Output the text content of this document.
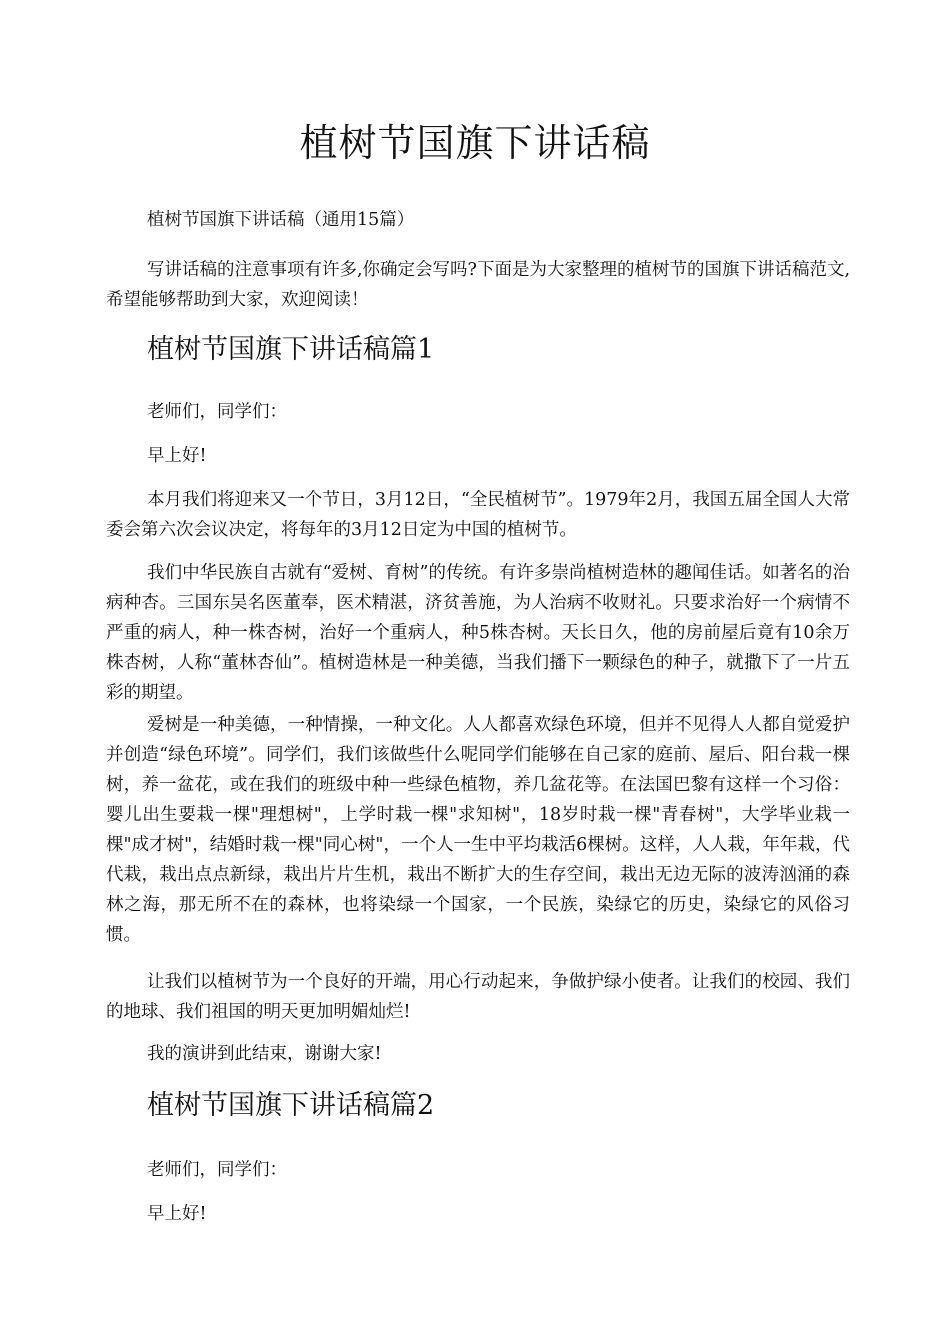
植树节国旗下讲话稿

植树节国旗下讲话稿（通用15篇）

写讲话稿的注意事项有许多,你确定会写吗?下面是为大家整理的植树节的国旗下讲话稿范文,希望能够帮助到大家，欢迎阅读！

植树节国旗下讲话稿篇1

老师们，同学们：

早上好!

本月我们将迎来又一个节日，3月12日，“全民植树节”。1979年2月，我国五届全国人大常委会第六次会议决定，将每年的3月12日定为中国的植树节。

我们中华民族自古就有“爱树、育树”的传统。有许多崇尚植树造林的趣闻佳话。如著名的治病种杏。三国东吴名医董奉，医术精湛，济贫善施，为人治病不收财礼。只要求治好一个病情不严重的病人，种一株杏树，治好一个重病人，种5株杏树。天长日久，他的房前屋后竟有10余万株杏树，人称“董林杏仙”。植树造林是一种美德，当我们播下一颗绿色的种子，就撒下了一片五彩的期望。

爱树是一种美德，一种情操，一种文化。人人都喜欢绿色环境，但并不见得人人都自觉爱护并创造“绿色环境”。同学们，我们该做些什么呢同学们能够在自己家的庭前、屋后、阳台栽一棵树，养一盆花，或在我们的班级中种一些绿色植物，养几盆花等。在法国巴黎有这样一个习俗：婴儿出生要栽一棵"理想树"，上学时栽一棵"求知树"，18岁时栽一棵"青春树"，大学毕业栽一棵"成才树"，结婚时栽一棵"同心树"，一个人一生中平均栽活6棵树。这样，人人栽，年年栽，代代栽，栽出点点新绿，栽出片片生机，栽出不断扩大的生存空间，栽出无边无际的波涛汹涌的森林之海，那无所不在的森林，也将染绿一个国家，一个民族，染绿它的历史，染绿它的风俗习惯。

让我们以植树节为一个良好的开端，用心行动起来，争做护绿小使者。让我们的校园、我们的地球、我们祖国的明天更加明媚灿烂!

我的演讲到此结束，谢谢大家!

植树节国旗下讲话稿篇2

老师们，同学们：

早上好!
